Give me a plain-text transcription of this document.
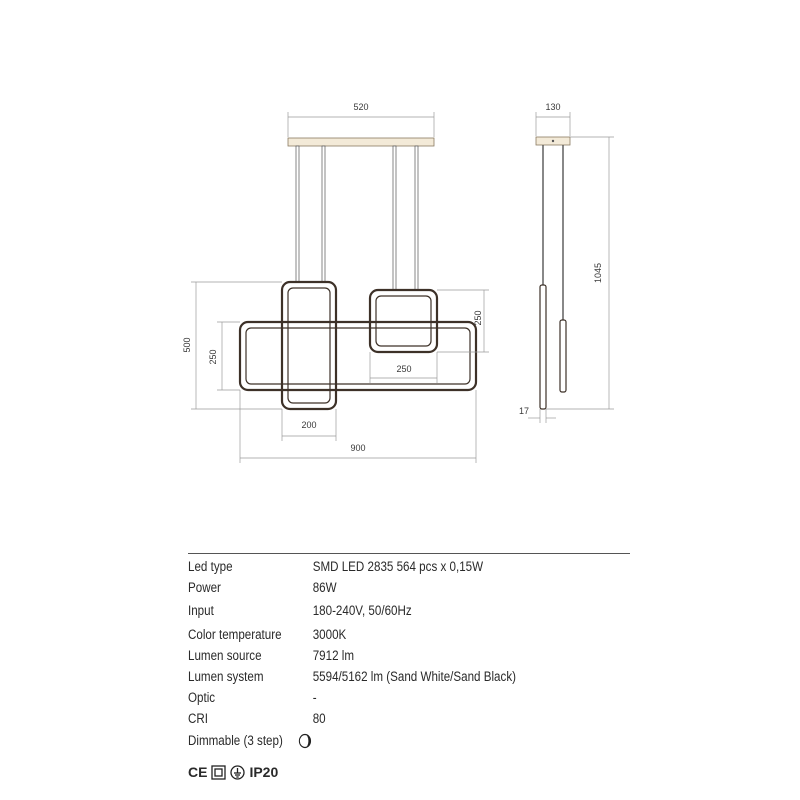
520
500
250
250
250
200
900
130
1045
17
Led type	SMD LED 2835 564 pcs x 0,15W
Power	86W
Input	180-240V, 50/60Hz
Color temperature	3000K
Lumen source	7912 lm
Lumen system	5594/5162 lm (Sand White/Sand Black)
Optic	-
CRI	80
Dimmable (3 step)
CE	IP20
